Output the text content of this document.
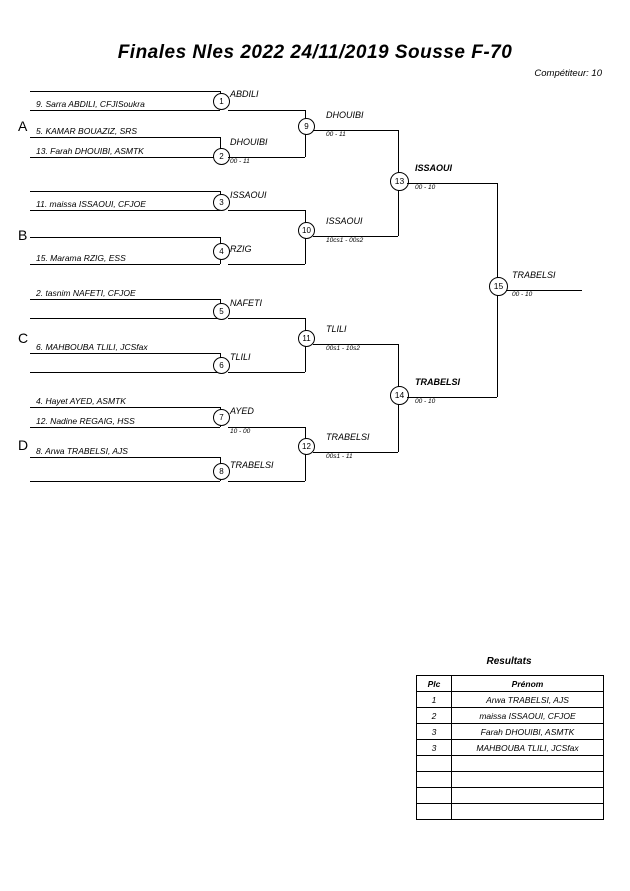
Finales Nles 2022 24/11/2019 Sousse F-70
Compétiteur: 10
A
B
C
D
9. Sarra ABDILI, CFJISoukra
5. KAMAR BOUAZIZ, SRS
13. Farah DHOUIBI, ASMTK
11. maissa ISSAOUI, CFJOE
15. Marama RZIG, ESS
2. tasnim NAFETI, CFJOE
6. MAHBOUBA TLILI, JCSfax
4. Hayet AYED, ASMTK
12. Nadine REGAIG, HSS
8. Arwa TRABELSI, AJS
1
2
3
4
5
6
7
8
ABDILI
DHOUIBI
00 - 11
ISSAOUI
RZIG
NAFETI
TLILI
AYED
10 - 00
TRABELSI
9
10
11
12
DHOUIBI
00 - 11
ISSAOUI
10cs1 - 00s2
TLILI
00s1 - 10s2
TRABELSI
00s1 - 11
13
14
ISSAOUI
00 - 10
TRABELSI
00 - 10
15
TRABELSI
00 - 10
Resultats
Plc	Prénom
1	Arwa TRABELSI, AJS
2	maissa ISSAOUI, CFJOE
3	Farah DHOUIBI, ASMTK
3	MAHBOUBA TLILI, JCSfax
